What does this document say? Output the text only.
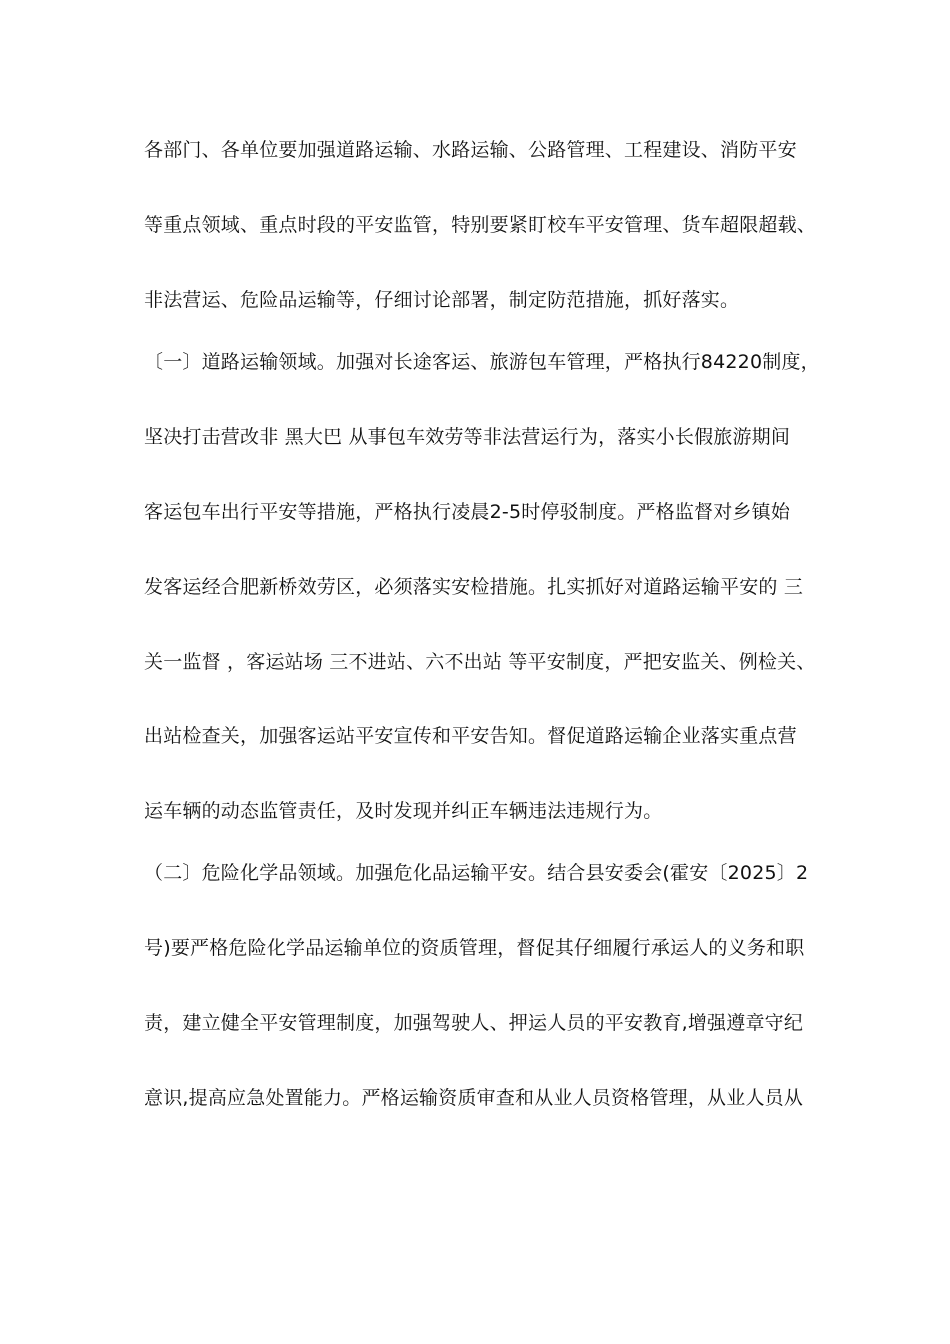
各部门、各单位要加强道路运输、水路运输、公路管理、工程建设、消防平安
等重点领域、重点时段的平安监管，特别要紧盯校车平安管理、货车超限超载、
非法营运、危险品运输等，仔细讨论部署，制定防范措施，抓好落实。
〔一〕道路运输领域。加强对长途客运、旅游包车管理，严格执行84220制度，
坚决打击营改非 黑大巴 从事包车效劳等非法营运行为，落实小长假旅游期间
客运包车出行平安等措施，严格执行凌晨2-5时停驳制度。严格监督对乡镇始
发客运经合肥新桥效劳区，必须落实安检措施。扎实抓好对道路运输平安的 三
关一监督 ，客运站场 三不进站、六不出站 等平安制度，严把安监关、例检关、
出站检查关，加强客运站平安宣传和平安告知。督促道路运输企业落实重点营
运车辆的动态监管责任，及时发现并纠正车辆违法违规行为。
（二〕危险化学品领域。加强危化品运输平安。结合县安委会(霍安〔2025〕2
号)要严格危险化学品运输单位的资质管理，督促其仔细履行承运人的义务和职
责，建立健全平安管理制度，加强驾驶人、押运人员的平安教育,增强遵章守纪
意识,提高应急处置能力。严格运输资质审查和从业人员资格管理，从业人员从
